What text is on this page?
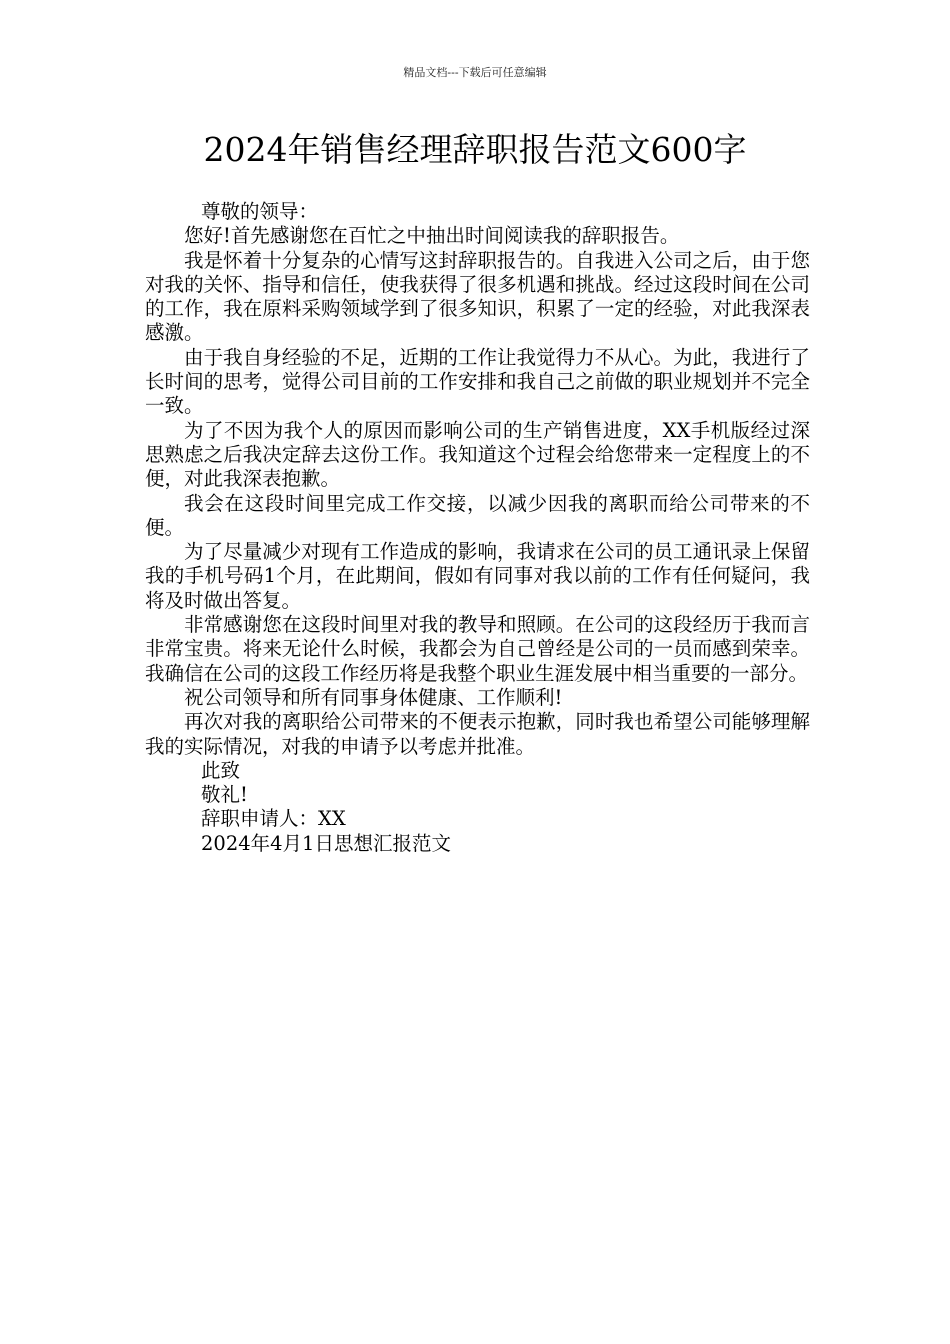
精品文档---下载后可任意编辑
2024年销售经理辞职报告范文600字

尊敬的领导：

您好!首先感谢您在百忙之中抽出时间阅读我的辞职报告。

我是怀着十分复杂的心情写这封辞职报告的。自我进入公司之后，由于您对我的关怀、指导和信任，使我获得了很多机遇和挑战。经过这段时间在公司的工作，我在原料采购领域学到了很多知识，积累了一定的经验，对此我深表感激。

由于我自身经验的不足，近期的工作让我觉得力不从心。为此，我进行了长时间的思考，觉得公司目前的工作安排和我自己之前做的职业规划并不完全一致。

为了不因为我个人的原因而影响公司的生产销售进度，XX手机版经过深思熟虑之后我决定辞去这份工作。我知道这个过程会给您带来一定程度上的不便，对此我深表抱歉。

我会在这段时间里完成工作交接，以减少因我的离职而给公司带来的不便。

为了尽量减少对现有工作造成的影响，我请求在公司的员工通讯录上保留我的手机号码1个月，在此期间，假如有同事对我以前的工作有任何疑问，我将及时做出答复。

非常感谢您在这段时间里对我的教导和照顾。在公司的这段经历于我而言非常宝贵。将来无论什么时候，我都会为自己曾经是公司的一员而感到荣幸。我确信在公司的这段工作经历将是我整个职业生涯发展中相当重要的一部分。

祝公司领导和所有同事身体健康、工作顺利!

再次对我的离职给公司带来的不便表示抱歉，同时我也希望公司能够理解我的实际情况，对我的申请予以考虑并批准。

此致

敬礼!

辞职申请人：XX

2024年4月1日思想汇报范文
